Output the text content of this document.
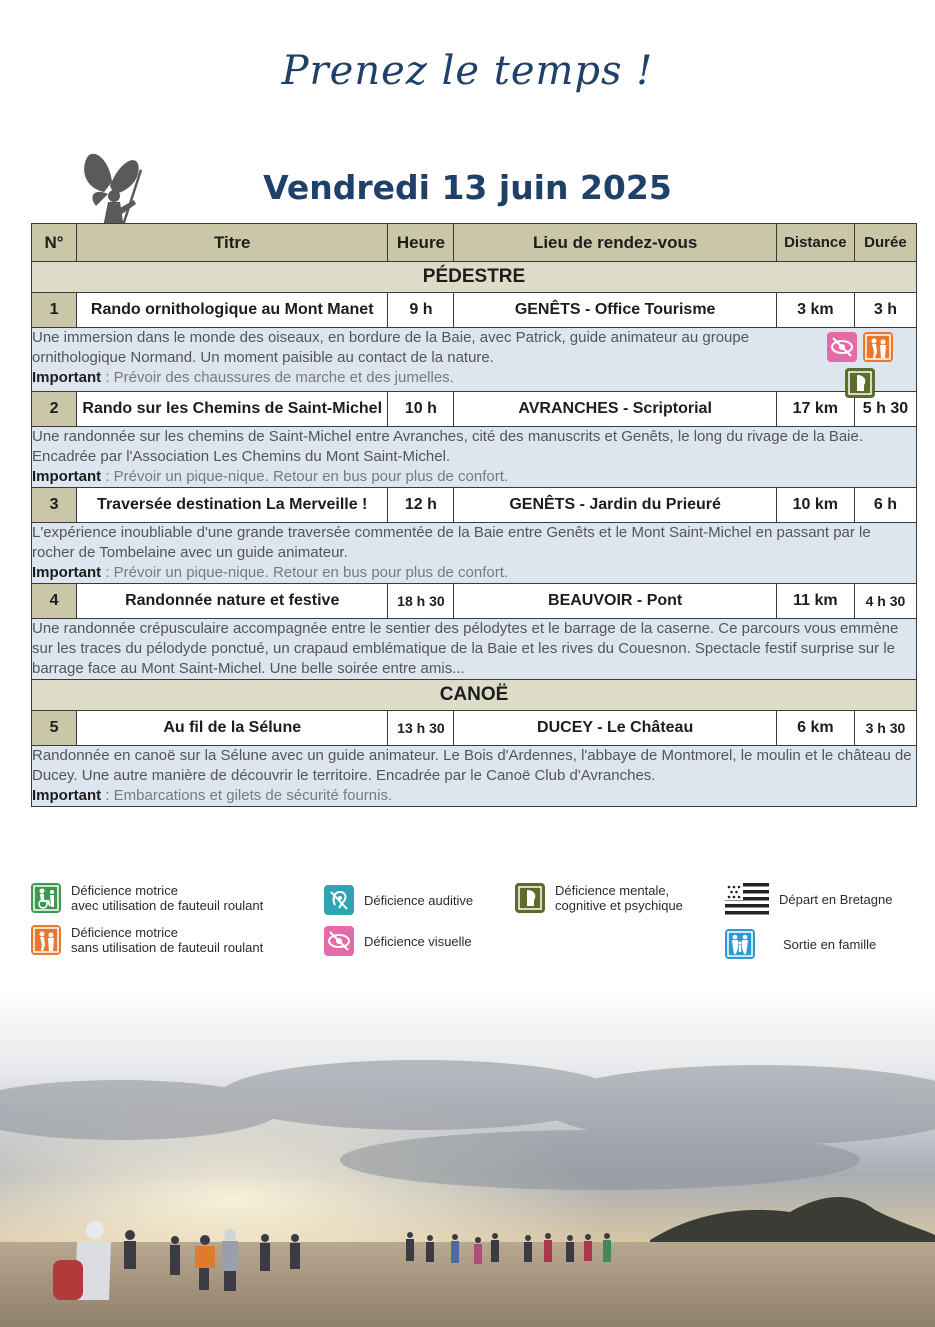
Prenez le temps !
Vendredi 13 juin 2025
N°	Titre	Heure	Lieu de rendez-vous	Distance	Durée
PÉDESTRE					
1	Rando ornithologique au Mont Manet	9 h	GENÊTS - Office Tourisme	3 km	3 h
Une immersion dans le monde des oiseaux, en bordure de la Baie, avec Patrick, guide animateur au groupe ornithologique Normand. Un moment paisible au contact de la nature.
Important : Prévoir des chaussures de marche et des jumelles.					

2	Rando sur les Chemins de Saint-Michel	10 h	AVRANCHES - Scriptorial	17 km	5 h 30
Une randonnée sur les chemins de Saint-Michel entre Avranches, cité des manuscrits et Genêts, le long du rivage de la Baie. Encadrée par l'Association Les Chemins du Mont Saint-Michel.
Important : Prévoir un pique-nique. Retour en bus pour plus de confort.					
3	Traversée destination La Merveille !	12 h	GENÊTS - Jardin du Prieuré	10 km	6 h
L'expérience inoubliable d'une grande traversée commentée de la Baie entre Genêts et le Mont Saint-Michel en passant par le rocher de Tombelaine avec un guide animateur.
Important : Prévoir un pique-nique. Retour en bus pour plus de confort.					
4	Randonnée nature et festive	18 h 30	BEAUVOIR - Pont	11 km	4 h 30
Une randonnée crépusculaire accompagnée entre le sentier des pélodytes et le barrage de la caserne. Ce parcours vous emmène sur les traces du pélodyde ponctué, un crapaud emblématique de la Baie et les rives du Couesnon. Spectacle festif surprise sur le barrage face au Mont Saint-Michel. Une belle soirée entre amis...					
CANOË					
5	Au fil de la Sélune	13 h 30	DUCEY - Le Château	6 km	3 h 30
Randonnée en canoë sur la Sélune avec un guide animateur. Le Bois d'Ardennes, l'abbaye de Montmorel, le moulin et le château de Ducey. Une autre manière de découvrir le territoire. Encadrée par le Canoë Club d'Avranches.
Important : Embarcations et gilets de sécurité fournis.					
Déficience motrice
avec utilisation de fauteuil roulant
Déficience motrice
sans utilisation de fauteuil roulant
Déficience auditive
Déficience visuelle
Déficience mentale,
cognitive et psychique	Départ en Bretagne
Sortie en famille
